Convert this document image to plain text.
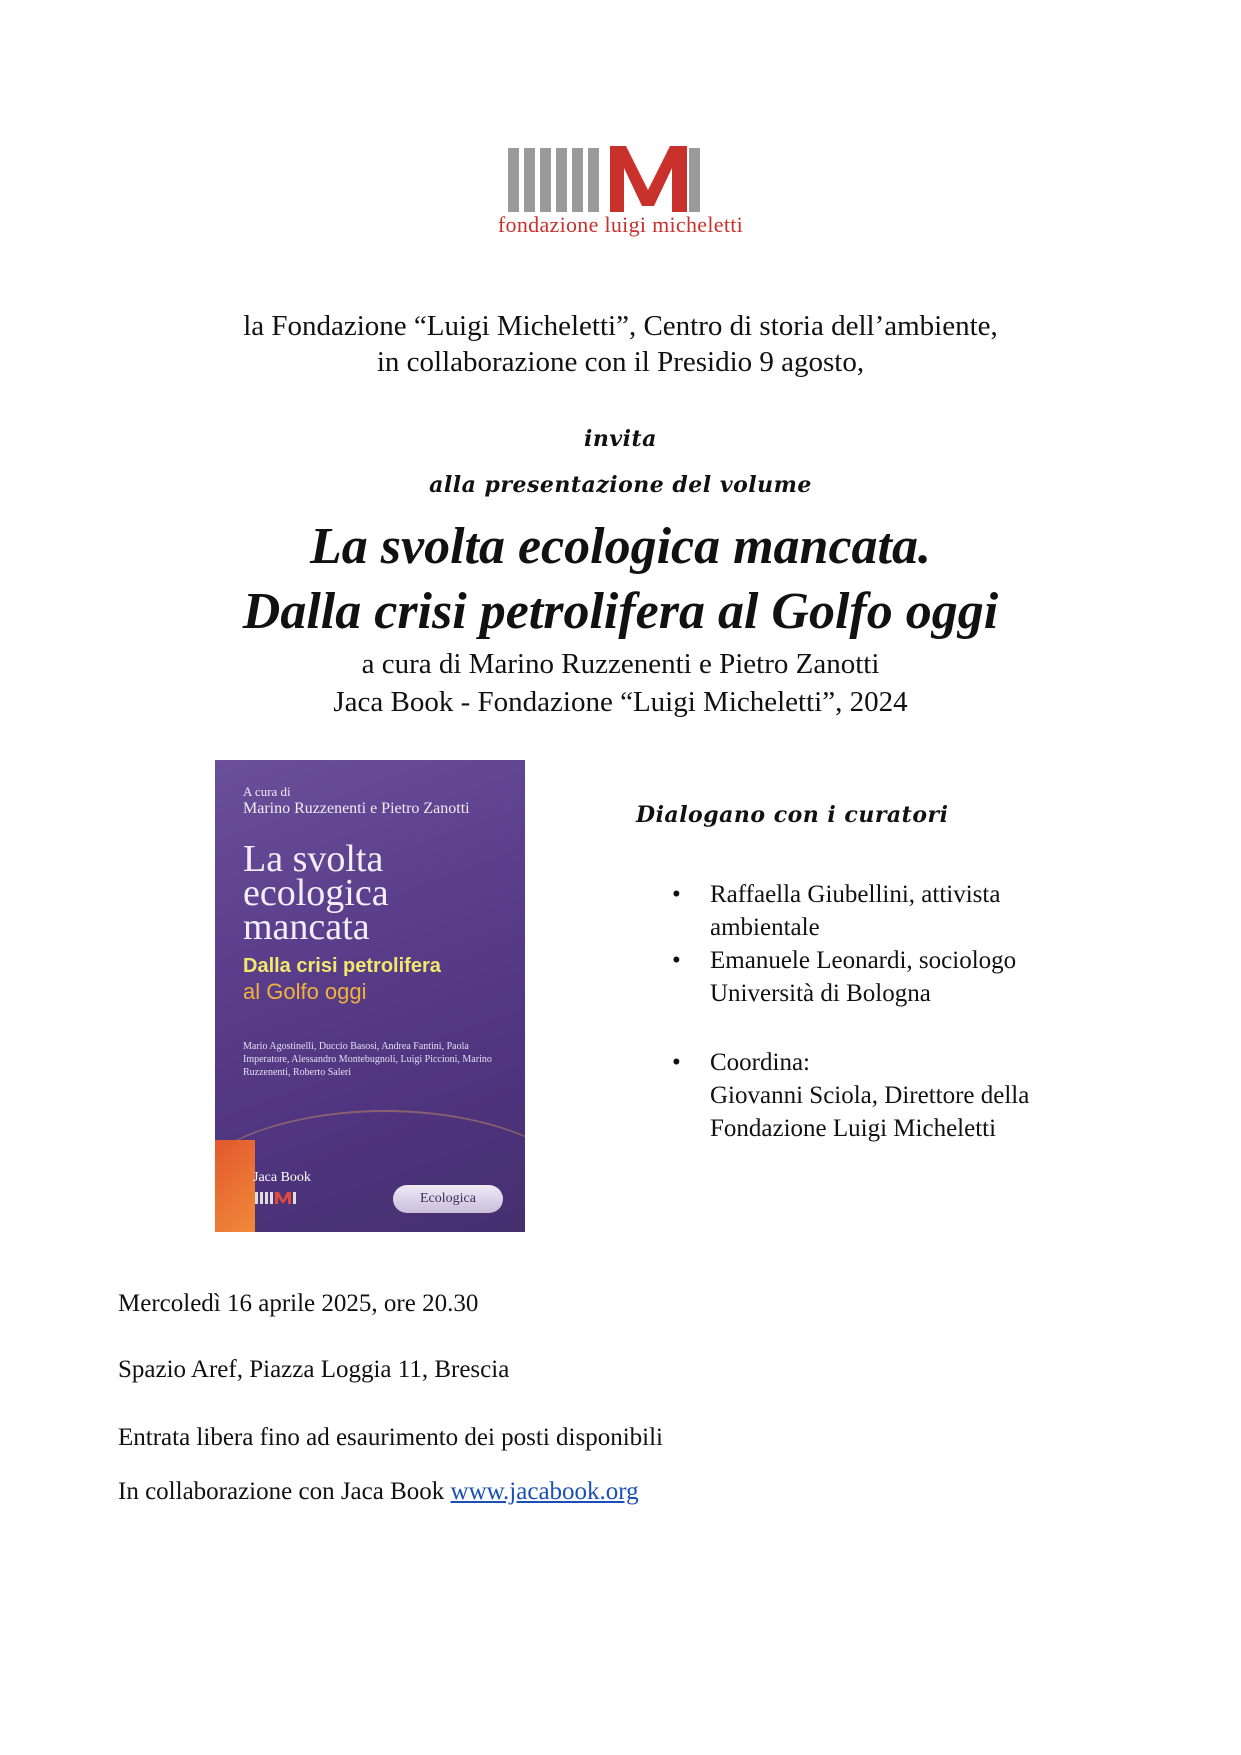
fondazione luigi micheletti
la Fondazione “Luigi Micheletti”, Centro di storia dell’ambiente,
in collaborazione con il Presidio 9 agosto,
invita
alla presentazione del volume
La svolta ecologica mancata.
Dalla crisi petrolifera al Golfo oggi
a cura di Marino Ruzzenenti e Pietro Zanotti
Jaca Book - Fondazione “Luigi Micheletti”, 2024
A cura di
Marino Ruzzenenti e Pietro Zanotti
La svolta
ecologica
mancata
Dalla crisi petrolifera
al Golfo oggi
Mario Agostinelli, Duccio Basosi, Andrea Fantini, Paola Imperatore, Alessandro Montebugnoli, Luigi Piccioni, Marino Ruzzenenti, Roberto Saleri
Jaca Book
Ecologica
Dialogano con i curatori
• Raffaella Giubellini, attivista
ambientale
• Emanuele Leonardi, sociologo
Università di Bologna
• Coordina:
Giovanni Sciola, Direttore della
Fondazione Luigi Micheletti
Mercoledì 16 aprile 2025, ore 20.30
Spazio Aref, Piazza Loggia 11, Brescia
Entrata libera fino ad esaurimento dei posti disponibili
In collaborazione con Jaca Book www.jacabook.org
